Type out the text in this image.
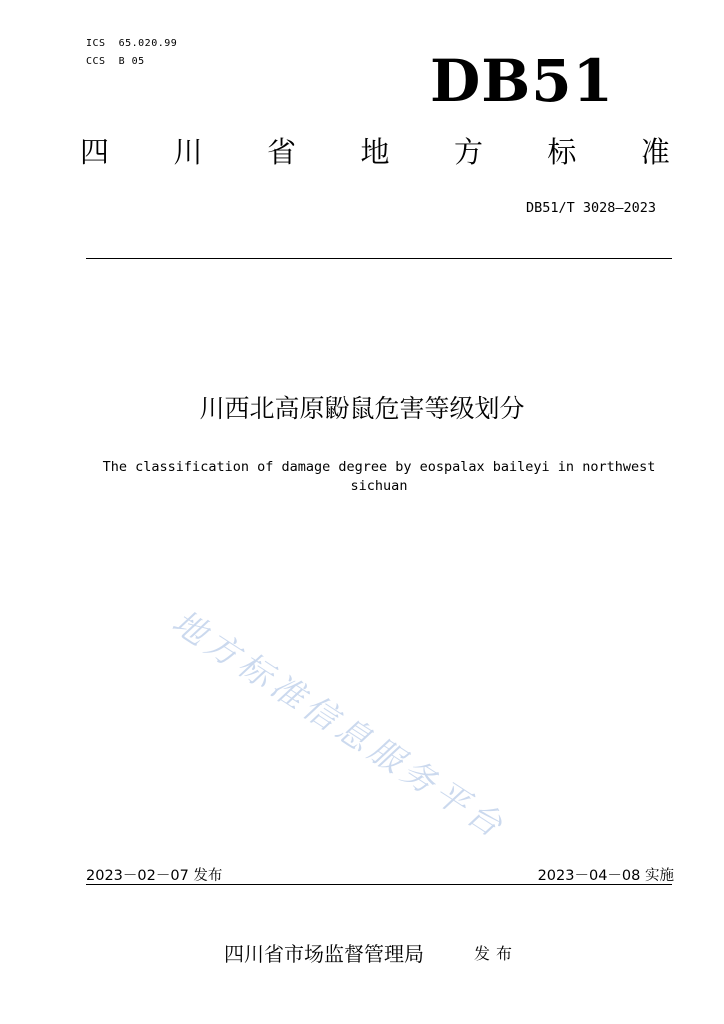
ICS  65.020.99
CCS  B 05	DB51
四 川 省 地 方 标 准
DB51/T 3028—2023
川西北高原鼢鼠危害等级划分
The classification of damage degree by eospalax baileyi in northwest sichuan
地方标准信息服务平台
2023－02－07 发布	2023－04－08 实施
四川省市场监督管理局	发布
